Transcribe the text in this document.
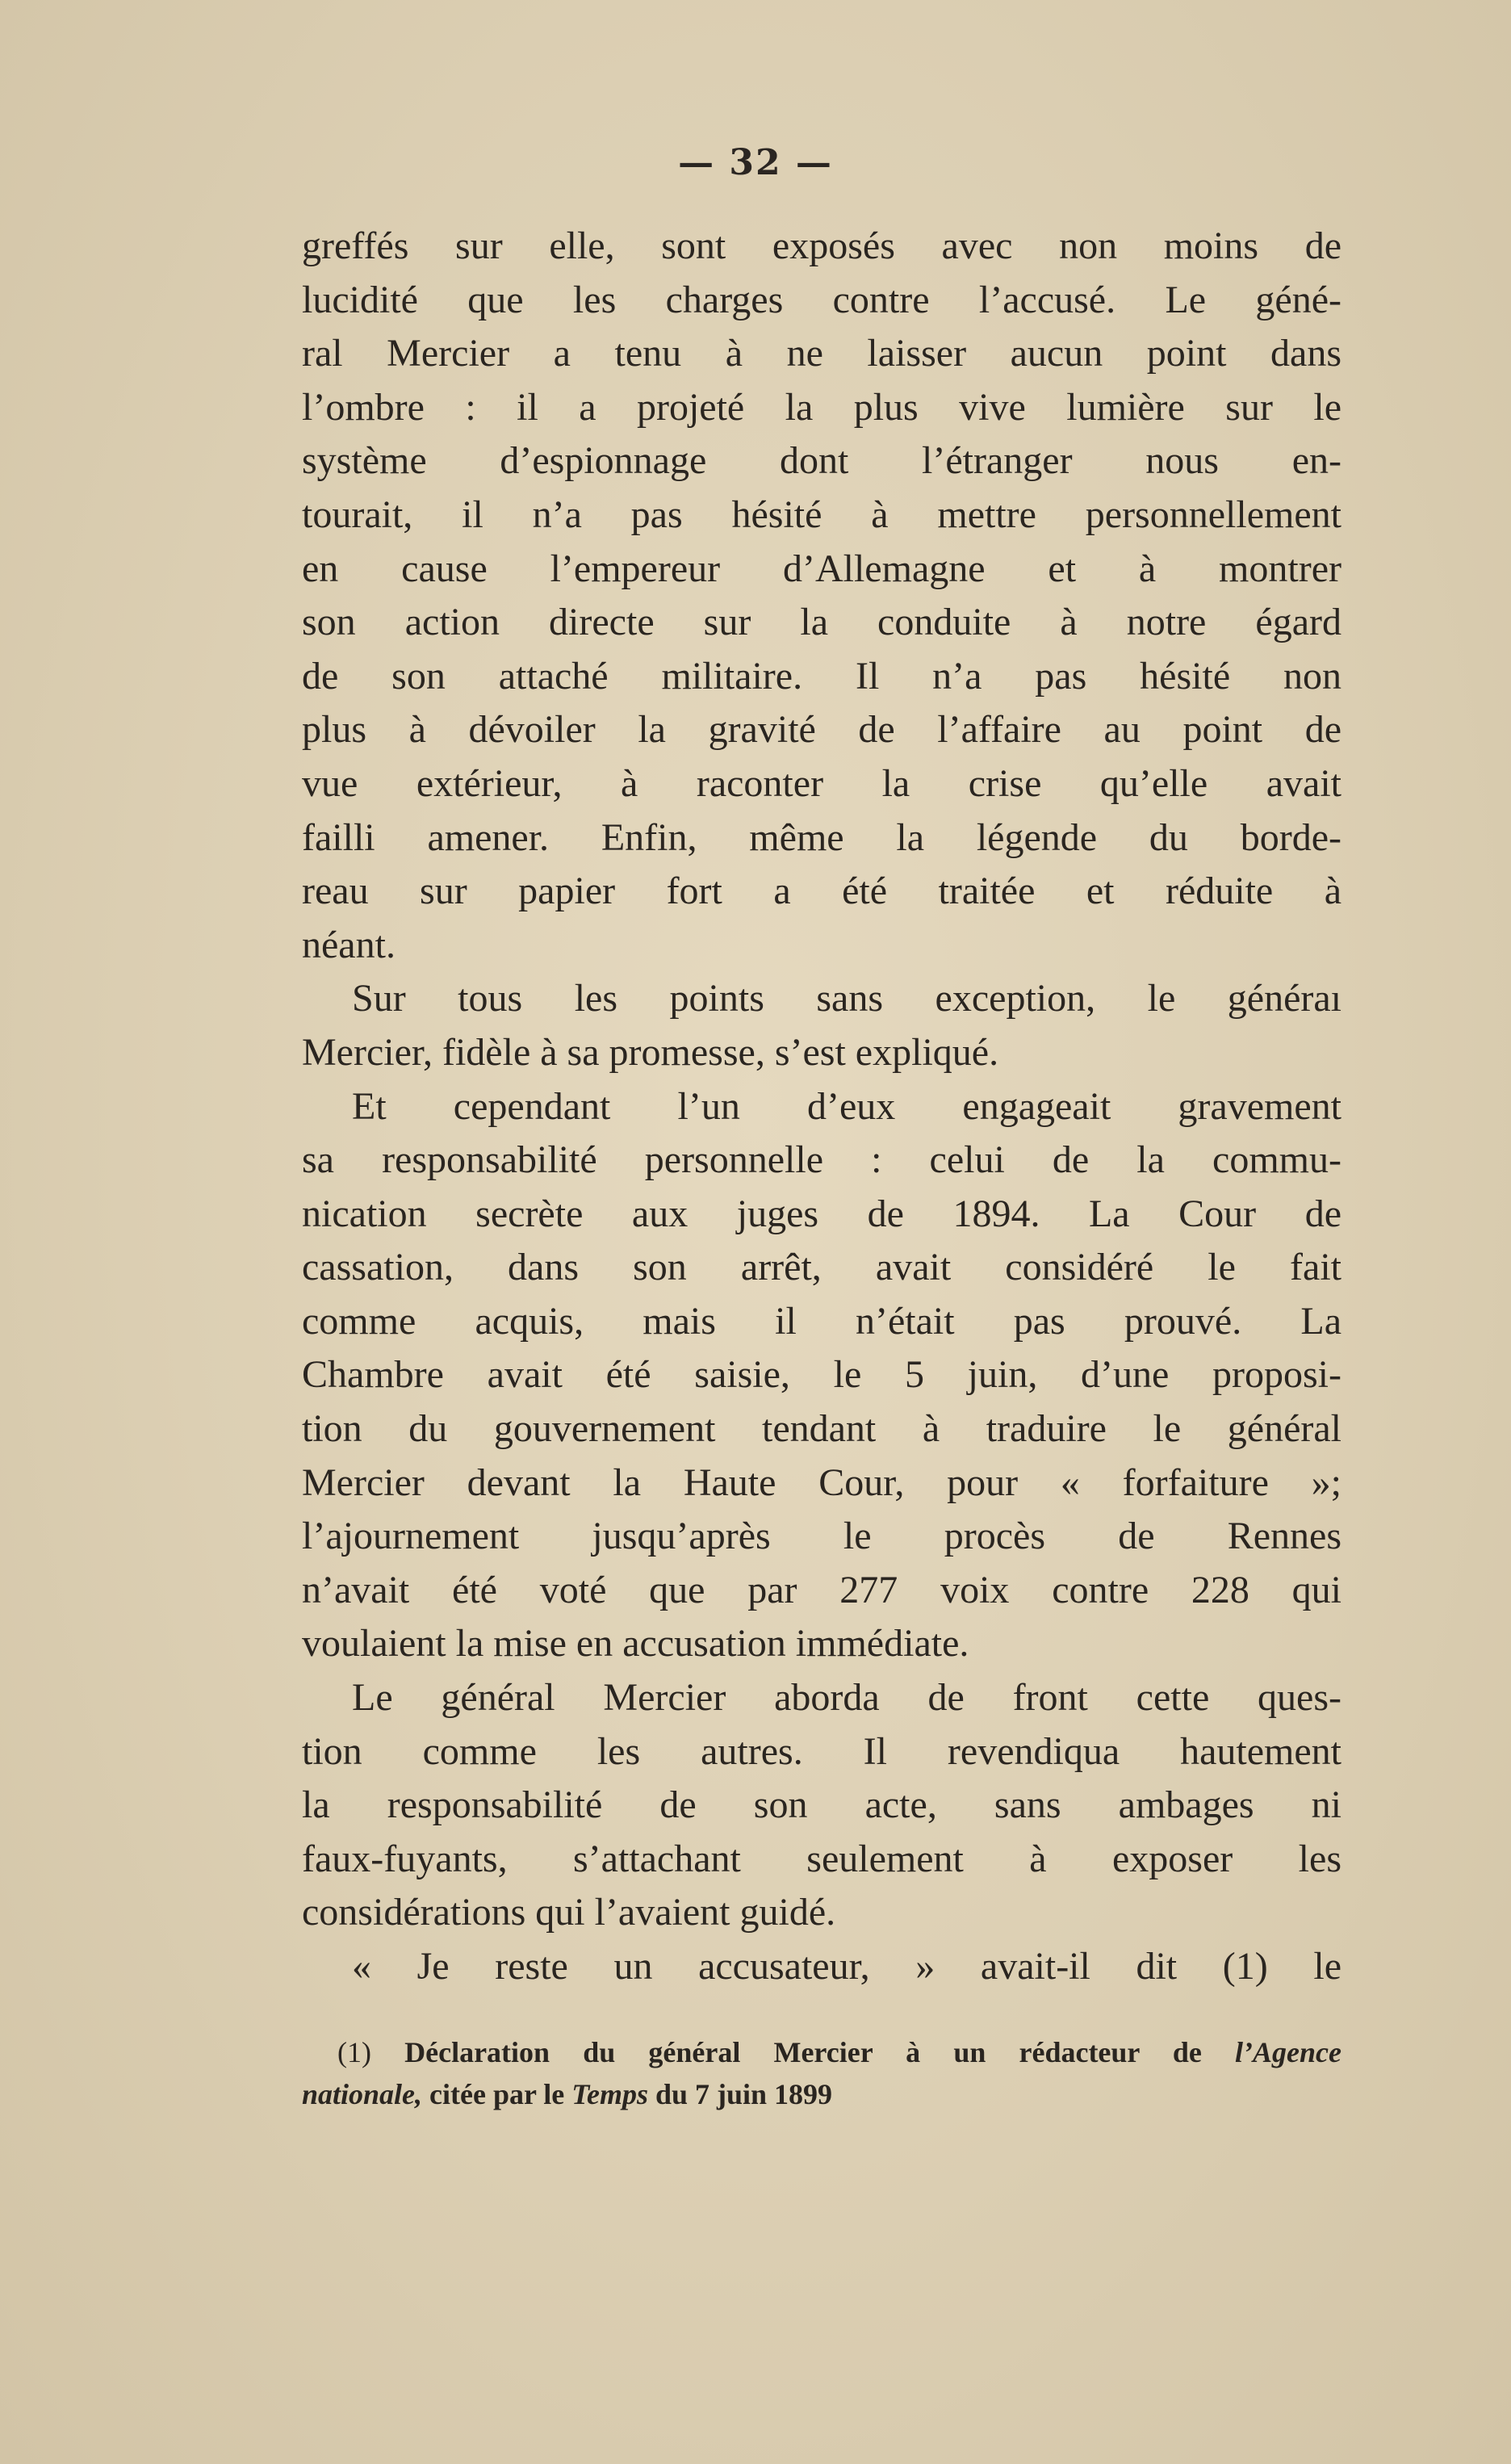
— 32 —
greffés sur elle, sont exposés avec non moins de
lucidité que les charges contre l’accusé. Le géné-
ral Mercier a tenu à ne laisser aucun point dans
l’ombre : il a projeté la plus vive lumière sur le
système d’espionnage dont l’étranger nous en-
tourait, il n’a pas hésité à mettre personnellement
en cause l’empereur d’Allemagne et à montrer
son action directe sur la conduite à notre égard
de son attaché militaire. Il n’a pas hésité non
plus à dévoiler la gravité de l’affaire au point de
vue extérieur, à raconter la crise qu’elle avait
failli amener. Enfin, même la légende du borde-
reau sur papier fort a été traitée et réduite à
néant.
Sur tous les points sans exception, le généraı
Mercier, fidèle à sa promesse, s’est expliqué.
Et cependant l’un d’eux engageait gravement
sa responsabilité personnelle : celui de la commu-
nication secrète aux juges de 1894. La Cour de
cassation, dans son arrêt, avait considéré le fait
comme acquis, mais il n’était pas prouvé. La
Chambre avait été saisie, le 5 juin, d’une proposi-
tion du gouvernement tendant à traduire le général
Mercier devant la Haute Cour, pour « forfaiture »;
l’ajournement jusqu’après le procès de Rennes
n’avait été voté que par 277 voix contre 228 qui
voulaient la mise en accusation immédiate.
Le général Mercier aborda de front cette ques-
tion comme les autres. Il revendiqua hautement
la responsabilité de son acte, sans ambages ni
faux-fuyants, s’attachant seulement à exposer les
considérations qui l’avaient guidé.
« Je reste un accusateur, » avait-il dit (1) le
(1) Déclaration du général Mercier à un rédacteur de l’Agence
nationale, citée par le Temps du 7 juin 1899
